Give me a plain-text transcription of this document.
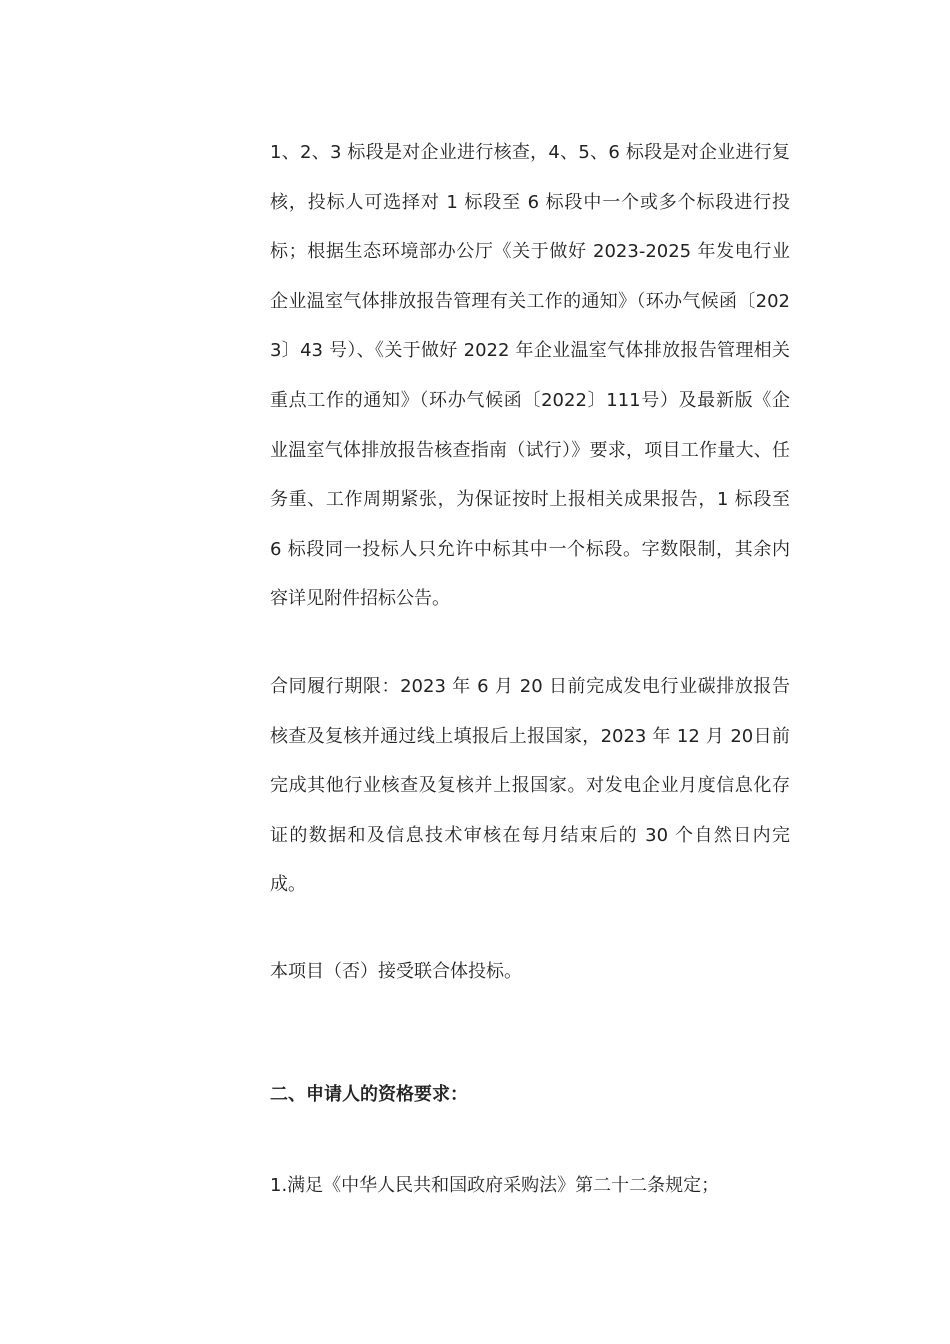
1、2、3 标段是对企业进行核查，4、5、6 标段是对企业进行复核，投标人可选择对 1 标段至 6 标段中一个或多个标段进行投标；根据生态环境部办公厅《关于做好 2023-2025 年发电行业企业温室气体排放报告管理有关工作的通知》（环办气候函〔2023〕43 号）、《关于做好 2022 年企业温室气体排放报告管理相关重点工作的通知》（环办气候函〔2022〕111号）及最新版《企业温室气体排放报告核查指南（试行）》要求，项目工作量大、任务重、工作周期紧张，为保证按时上报相关成果报告，1 标段至 6 标段同一投标人只允许中标其中一个标段。字数限制，其余内容详见附件招标公告。

合同履行期限：2023 年 6 月 20 日前完成发电行业碳排放报告核查及复核并通过线上填报后上报国家，2023 年 12 月 20日前完成其他行业核查及复核并上报国家。对发电企业月度信息化存证的数据和及信息技术审核在每月结束后的 30 个自然日内完成。

本项目（否）接受联合体投标。

二、申请人的资格要求：

1.满足《中华人民共和国政府采购法》第二十二条规定；
